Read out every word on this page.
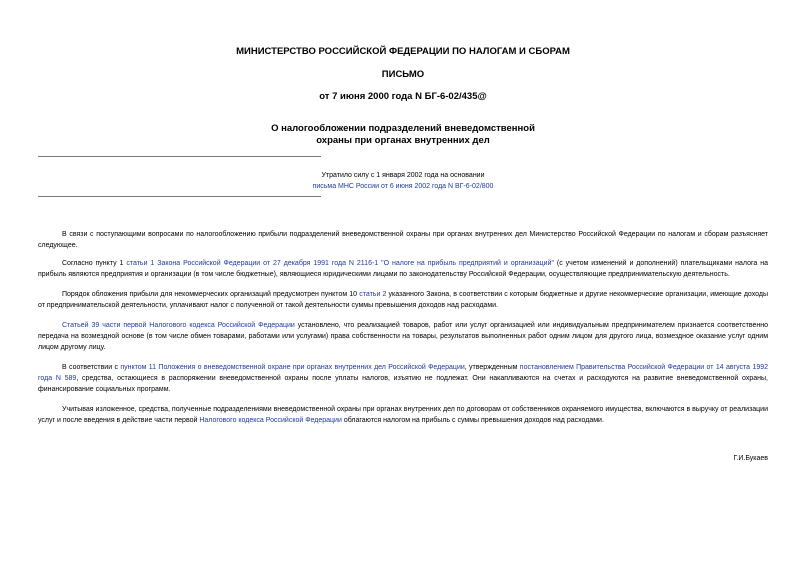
МИНИСТЕРСТВО РОССИЙСКОЙ ФЕДЕРАЦИИ ПО НАЛОГАМ И СБОРАМ
ПИСЬМО
от 7 июня 2000 года N БГ-6-02/435@
О налогообложении подразделений вневедомственной
охраны при органах внутренних дел
Утратило силу с 1 января 2002 года на основании
письма МНС России от 6 июня 2002 года N ВГ-6-02/800

В связи с поступающими вопросами по налогообложению прибыли подразделений вневедомственной охраны при органах внутренних дел Министерство Российской Федерации по налогам и сборам разъясняет следующее.

Согласно пункту 1 статьи 1 Закона Российской Федерации от 27 декабря 1991 года N 2116-1 "О налоге на прибыль предприятий и организаций" (с учетом изменений и дополнений) плательщиками налога на прибыль являются предприятия и организации (в том числе бюджетные), являющиеся юридическими лицами по законодательству Российской Федерации, осуществляющие предпринимательскую деятельность.

Порядок обложения прибыли для некоммерческих организаций предусмотрен пунктом 10 статьи 2 указанного Закона, в соответствии с которым бюджетные и другие некоммерческие организации, имеющие доходы от предпринимательской деятельности, уплачивают налог с полученной от такой деятельности суммы превышения доходов над расходами.

Статьей 39 части первой Налогового кодекса Российской Федерации установлено, что реализацией товаров, работ или услуг организацией или индивидуальным предпринимателем признается соответственно передача на возмездной основе (в том числе обмен товарами, работами или услугами) права собственности на товары, результатов выполненных работ одним лицом для другого лица, возмездное оказание услуг одним лицом другому лицу.

В соответствии с пунктом 11 Положения о вневедомственной охране при органах внутренних дел Российской Федерации, утвержденным постановлением Правительства Российской Федерации от 14 августа 1992 года N 589, средства, остающиеся в распоряжении вневедомственной охраны после уплаты налогов, изъятию не подлежат. Они накапливаются на счетах и расходуются на развитие вневедомственной охраны, финансирование социальных программ.

Учитывая изложенное, средства, полученные подразделениями вневедомственной охраны при органах внутренних дел по договорам от собственников охраняемого имущества, включаются в выручку от реализации услуг и после введения в действие части первой Налогового кодекса Российской Федерации облагаются налогом на прибыль с суммы превышения доходов над расходами.

Г.И.Букаев
